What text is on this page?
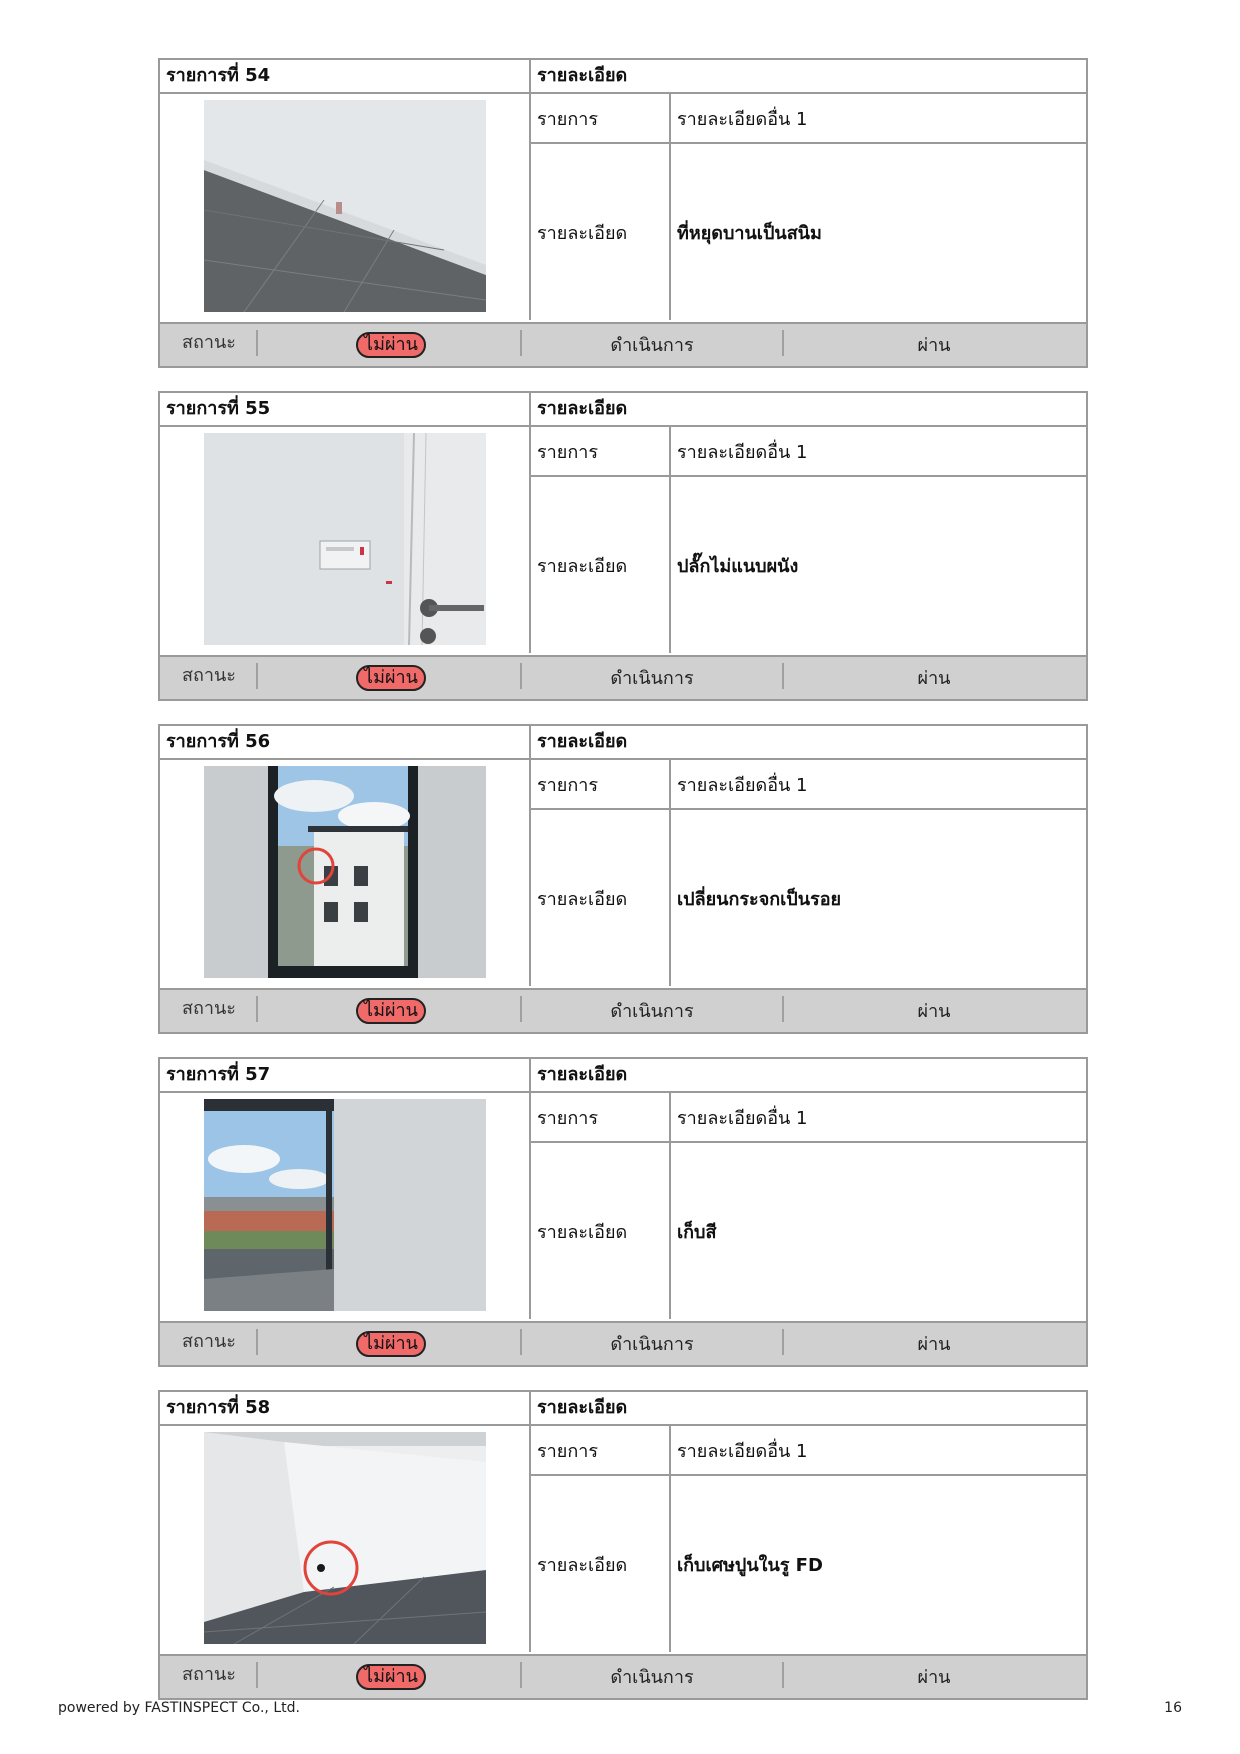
รายการที่ 54	รายละเอียด
รายการ	รายละเอียดอื่น 1
รายละเอียด	ที่หยุดบานเป็นสนิม
สถานะ	ไม่ผ่าน	ดำเนินการ	ผ่าน
รายการที่ 55	รายละเอียด
รายการ	รายละเอียดอื่น 1
รายละเอียด	ปลั๊กไม่แนบผนัง
สถานะ	ไม่ผ่าน	ดำเนินการ	ผ่าน
รายการที่ 56	รายละเอียด
รายการ	รายละเอียดอื่น 1
รายละเอียด	เปลี่ยนกระจกเป็นรอย
สถานะ	ไม่ผ่าน	ดำเนินการ	ผ่าน
รายการที่ 57	รายละเอียด
รายการ	รายละเอียดอื่น 1
รายละเอียด	เก็บสี
สถานะ	ไม่ผ่าน	ดำเนินการ	ผ่าน
รายการที่ 58	รายละเอียด
รายการ	รายละเอียดอื่น 1
รายละเอียด	เก็บเศษปูนในรู FD
สถานะ	ไม่ผ่าน	ดำเนินการ	ผ่าน
powered by FASTINSPECT Co., Ltd.	16
